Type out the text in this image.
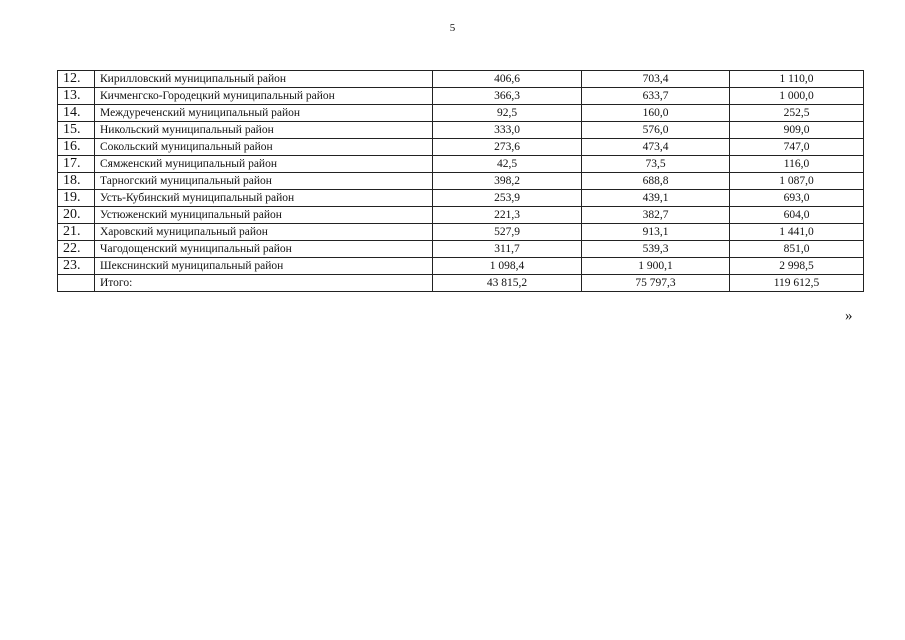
5
12.	Кирилловский муниципальный район	406,6	703,4	1 110,0
13.	Кичменгско-Городецкий муниципальный район	366,3	633,7	1 000,0
14.	Междуреченский муниципальный район	92,5	160,0	252,5
15.	Никольский муниципальный район	333,0	576,0	909,0
16.	Сокольский муниципальный район	273,6	473,4	747,0
17.	Сямженский муниципальный район	42,5	73,5	116,0
18.	Тарногский муниципальный район	398,2	688,8	1 087,0
19.	Усть-Кубинский муниципальный район	253,9	439,1	693,0
20.	Устюженский муниципальный район	221,3	382,7	604,0
21.	Харовский муниципальный район	527,9	913,1	1 441,0
22.	Чагодощенский муниципальный район	311,7	539,3	851,0
23.	Шекснинский муниципальный район	1 098,4	1 900,1	2 998,5
	Итого:	43 815,2	75 797,3	119 612,5
»
